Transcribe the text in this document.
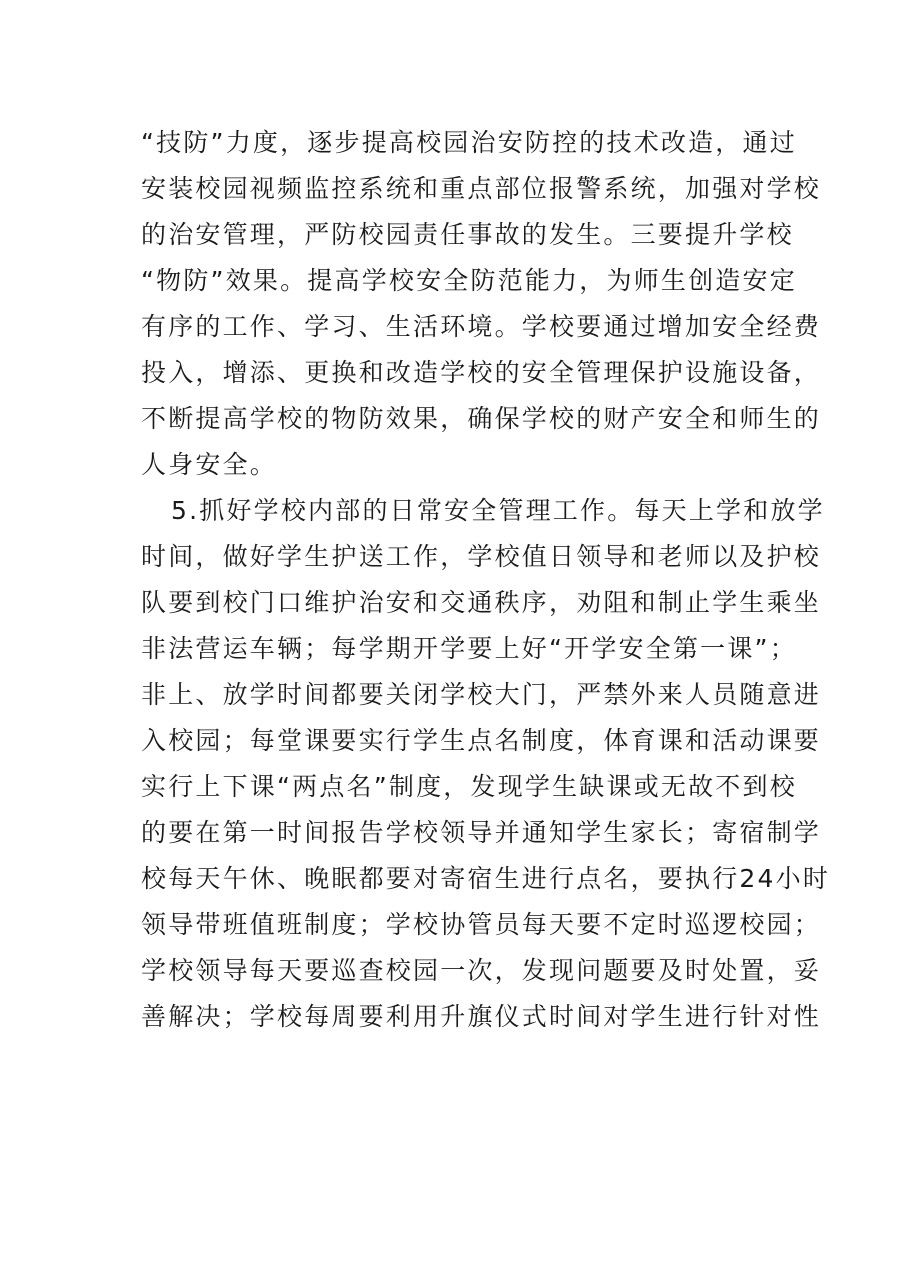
“技防”力度，逐步提高校园治安防控的技术改造，通过
安装校园视频监控系统和重点部位报警系统，加强对学校
的治安管理，严防校园责任事故的发生。三要提升学校
“物防”效果。提高学校安全防范能力，为师生创造安定
有序的工作、学习、生活环境。学校要通过增加安全经费
投入，增添、更换和改造学校的安全管理保护设施设备，
不断提高学校的物防效果，确保学校的财产安全和师生的
人身安全。
5.抓好学校内部的日常安全管理工作。每天上学和放学
时间，做好学生护送工作，学校值日领导和老师以及护校
队要到校门口维护治安和交通秩序，劝阻和制止学生乘坐
非法营运车辆；每学期开学要上好“开学安全第一课”；
非上、放学时间都要关闭学校大门，严禁外来人员随意进
入校园；每堂课要实行学生点名制度，体育课和活动课要
实行上下课“两点名”制度，发现学生缺课或无故不到校
的要在第一时间报告学校领导并通知学生家长；寄宿制学
校每天午休、晚眠都要对寄宿生进行点名，要执行24小时
领导带班值班制度；学校协管员每天要不定时巡逻校园；
学校领导每天要巡查校园一次，发现问题要及时处置，妥
善解决；学校每周要利用升旗仪式时间对学生进行针对性
